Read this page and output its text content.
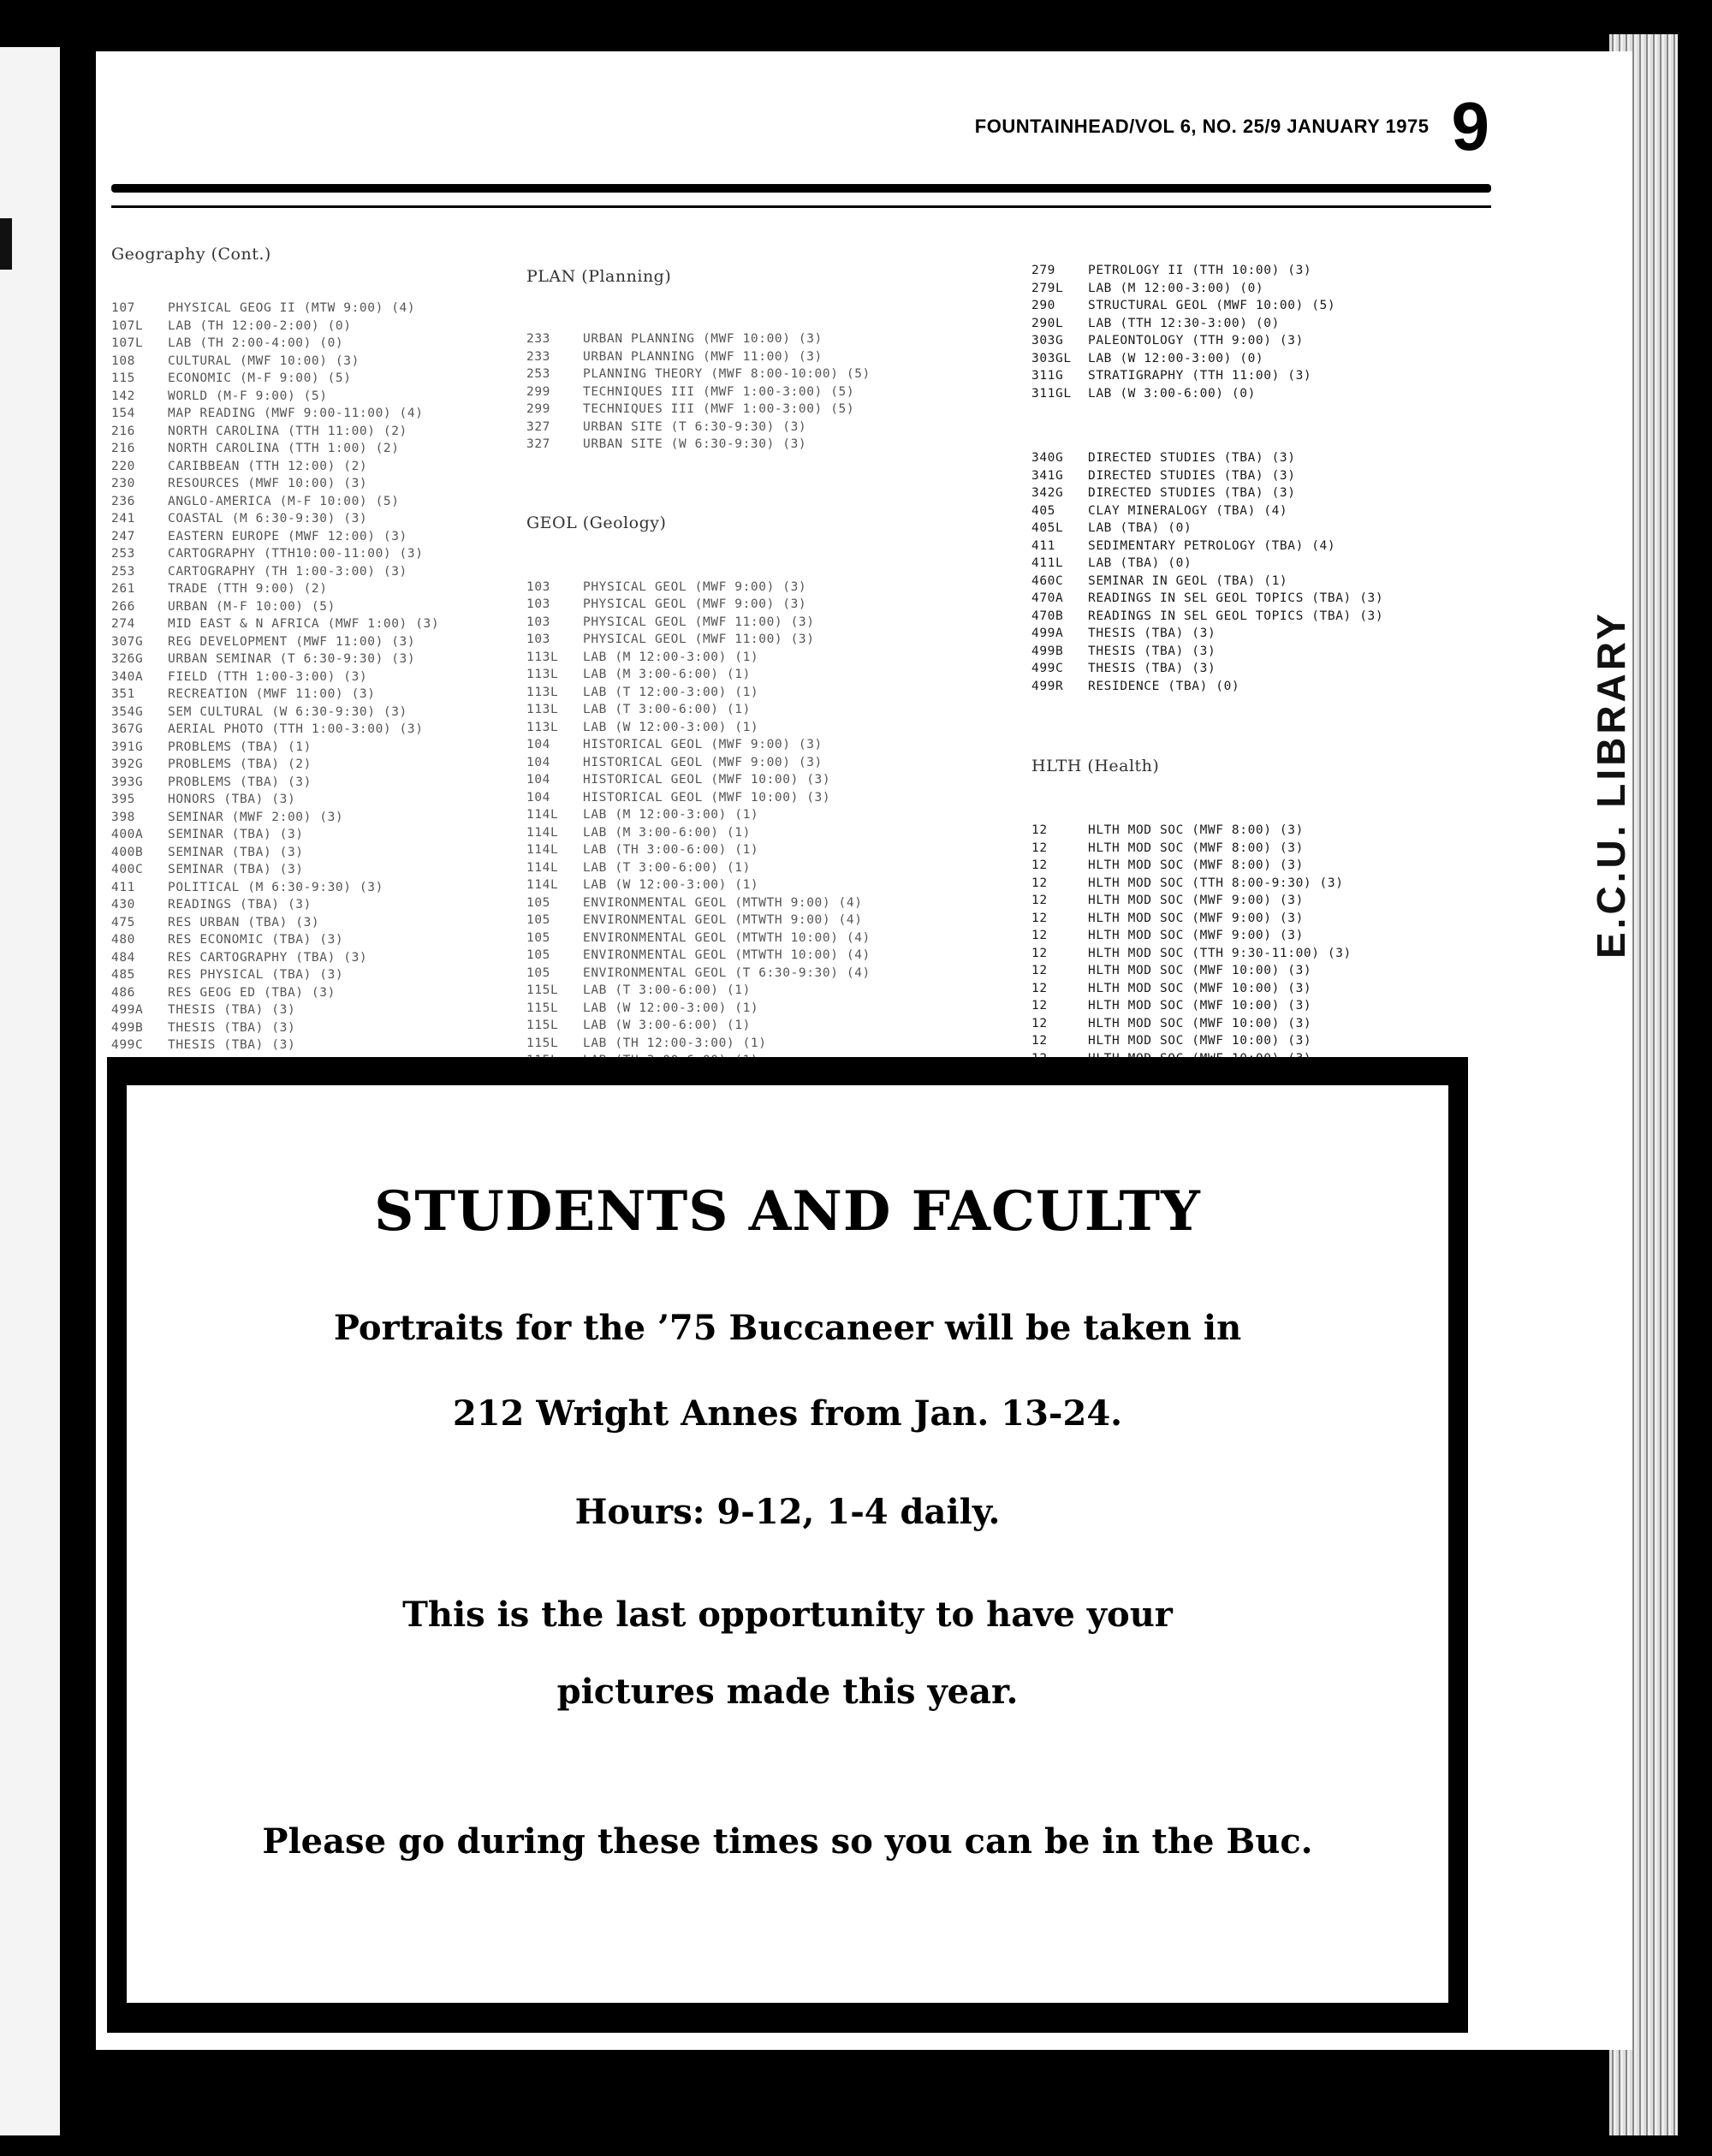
FOUNTAINHEAD/VOL 6, NO. 25/9 JANUARY 1975 9
E.C.U. LIBRARY

Geography (Cont.)

107	PHYSICAL GEOG II (MTW 9:00) (4)
107L	LAB (TH 12:00-2:00) (0)
107L	LAB (TH 2:00-4:00) (0)
108	CULTURAL (MWF 10:00) (3)
115	ECONOMIC (M-F 9:00) (5)
142	WORLD (M-F 9:00) (5)
154	MAP READING (MWF 9:00-11:00) (4)
216	NORTH CAROLINA (TTH 11:00) (2)
216	NORTH CAROLINA (TTH 1:00) (2)
220	CARIBBEAN (TTH 12:00) (2)
230	RESOURCES (MWF 10:00) (3)
236	ANGLO-AMERICA (M-F 10:00) (5)
241	COASTAL (M 6:30-9:30) (3)
247	EASTERN EUROPE (MWF 12:00) (3)
253	CARTOGRAPHY (TTH10:00-11:00) (3)
253	CARTOGRAPHY (TH 1:00-3:00) (3)
261	TRADE (TTH 9:00) (2)
266	URBAN (M-F 10:00) (5)
274	MID EAST & N AFRICA (MWF 1:00) (3)
307G	REG DEVELOPMENT (MWF 11:00) (3)
326G	URBAN SEMINAR (T 6:30-9:30) (3)
340A	FIELD (TTH 1:00-3:00) (3)
351	RECREATION (MWF 11:00) (3)
354G	SEM CULTURAL (W 6:30-9:30) (3)
367G	AERIAL PHOTO (TTH 1:00-3:00) (3)
391G	PROBLEMS (TBA) (1)
392G	PROBLEMS (TBA) (2)
393G	PROBLEMS (TBA) (3)
395	HONORS (TBA) (3)
398	SEMINAR (MWF 2:00) (3)
400A	SEMINAR (TBA) (3)
400B	SEMINAR (TBA) (3)
400C	SEMINAR (TBA) (3)
411	POLITICAL (M 6:30-9:30) (3)
430	READINGS (TBA) (3)
475	RES URBAN (TBA) (3)
480	RES ECONOMIC (TBA) (3)
484	RES CARTOGRAPHY (TBA) (3)
485	RES PHYSICAL (TBA) (3)
486	RES GEOG ED (TBA) (3)
499A	THESIS (TBA) (3)
499B	THESIS (TBA) (3)
499C	THESIS (TBA) (3)

PLAN (Planning)

233	URBAN PLANNING (MWF 10:00) (3)
233	URBAN PLANNING (MWF 11:00) (3)
253	PLANNING THEORY (MWF 8:00-10:00) (5)
299	TECHNIQUES III (MWF 1:00-3:00) (5)
299	TECHNIQUES III (MWF 1:00-3:00) (5)
327	URBAN SITE (T 6:30-9:30) (3)
327	URBAN SITE (W 6:30-9:30) (3)

GEOL (Geology)

103	PHYSICAL GEOL (MWF 9:00) (3)
103	PHYSICAL GEOL (MWF 9:00) (3)
103	PHYSICAL GEOL (MWF 11:00) (3)
103	PHYSICAL GEOL (MWF 11:00) (3)
113L	LAB (M 12:00-3:00) (1)
113L	LAB (M 3:00-6:00) (1)
113L	LAB (T 12:00-3:00) (1)
113L	LAB (T 3:00-6:00) (1)
113L	LAB (W 12:00-3:00) (1)
104	HISTORICAL GEOL (MWF 9:00) (3)
104	HISTORICAL GEOL (MWF 9:00) (3)
104	HISTORICAL GEOL (MWF 10:00) (3)
104	HISTORICAL GEOL (MWF 10:00) (3)
114L	LAB (M 12:00-3:00) (1)
114L	LAB (M 3:00-6:00) (1)
114L	LAB (TH 3:00-6:00) (1)
114L	LAB (T 3:00-6:00) (1)
114L	LAB (W 12:00-3:00) (1)
105	ENVIRONMENTAL GEOL (MTWTH 9:00) (4)
105	ENVIRONMENTAL GEOL (MTWTH 9:00) (4)
105	ENVIRONMENTAL GEOL (MTWTH 10:00) (4)
105	ENVIRONMENTAL GEOL (MTWTH 10:00) (4)
105	ENVIRONMENTAL GEOL (T 6:30-9:30) (4)
115L	LAB (T 3:00-6:00) (1)
115L	LAB (W 12:00-3:00) (1)
115L	LAB (W 3:00-6:00) (1)
115L	LAB (TH 12:00-3:00) (1)

279	PETROLOGY II (TTH 10:00) (3)
279L	LAB (M 12:00-3:00) (0)
290	STRUCTURAL GEOL (MWF 10:00) (5)
290L	LAB (TTH 12:30-3:00) (0)
303G	PALEONTOLOGY (TTH 9:00) (3)
303GL	LAB (W 12:00-3:00) (0)
311G	STRATIGRAPHY (TTH 11:00) (3)
311GL	LAB (W 3:00-6:00) (0)

340G	DIRECTED STUDIES (TBA) (3)
341G	DIRECTED STUDIES (TBA) (3)
342G	DIRECTED STUDIES (TBA) (3)
405	CLAY MINERALOGY (TBA) (4)
405L	LAB (TBA) (0)
411	SEDIMENTARY PETROLOGY (TBA) (4)
411L	LAB (TBA) (0)
460C	SEMINAR IN GEOL (TBA) (1)
470A	READINGS IN SEL GEOL TOPICS (TBA) (3)
470B	READINGS IN SEL GEOL TOPICS (TBA) (3)
499A	THESIS (TBA) (3)
499B	THESIS (TBA) (3)
499C	THESIS (TBA) (3)
499R	RESIDENCE (TBA) (0)

HLTH (Health)

12	HLTH MOD SOC (MWF 8:00) (3)
12	HLTH MOD SOC (MWF 8:00) (3)
12	HLTH MOD SOC (MWF 8:00) (3)
12	HLTH MOD SOC (TTH 8:00-9:30) (3)
12	HLTH MOD SOC (MWF 9:00) (3)
12	HLTH MOD SOC (MWF 9:00) (3)
12	HLTH MOD SOC (MWF 9:00) (3)
12	HLTH MOD SOC (TTH 9:30-11:00) (3)
12	HLTH MOD SOC (MWF 10:00) (3)
12	HLTH MOD SOC (MWF 10:00) (3)
12	HLTH MOD SOC (MWF 10:00) (3)
12	HLTH MOD SOC (MWF 10:00) (3)
12	HLTH MOD SOC (MWF 10:00) (3)

STUDENTS AND FACULTY
Portraits for the ’75 Buccaneer will be taken in
212 Wright Annes from Jan. 13-24.
Hours: 9-12, 1-4 daily.
This is the last opportunity to have your
pictures made this year.
Please go during these times so you can be in the Buc.
